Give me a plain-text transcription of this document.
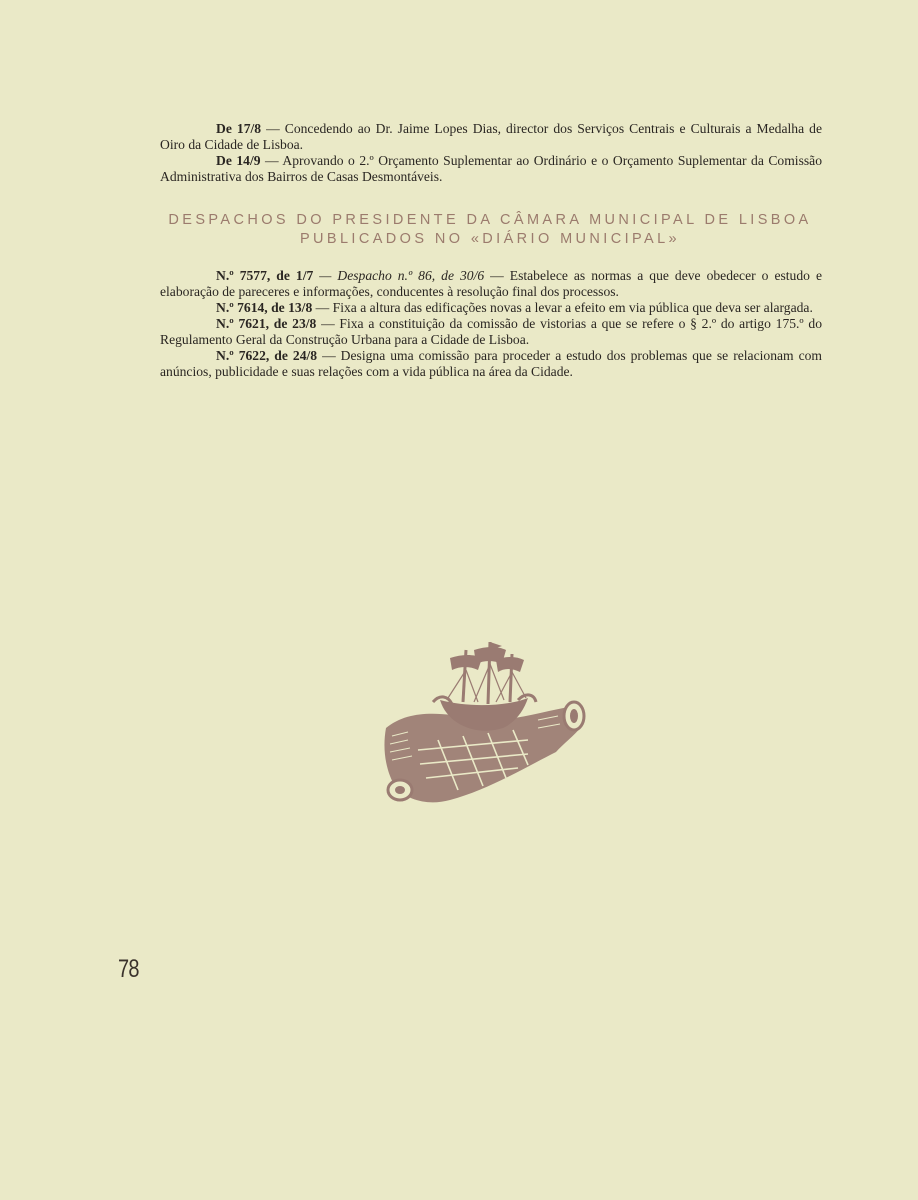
De 17/8 — Concedendo ao Dr. Jaime Lopes Dias, director dos Serviços Centrais e Culturais a Medalha de Oiro da Cidade de Lisboa.

De 14/9 — Aprovando o 2.º Orçamento Suplementar ao Ordinário e o Orçamento Suplementar da Comissão Administrativa dos Bairros de Casas Desmontáveis.

DESPACHOS DO PRESIDENTE DA CÂMARA MUNICIPAL DE LISBOA

PUBLICADOS NO «DIÁRIO MUNICIPAL»

N.º 7577, de 1/7 — Despacho n.º 86, de 30/6 — Estabelece as normas a que deve obedecer o estudo e elaboração de pareceres e informações, conducentes à resolução final dos processos.

N.º 7614, de 13/8 — Fixa a altura das edificações novas a levar a efeito em via pública que deva ser alargada.

N.º 7621, de 23/8 — Fixa a constituição da comissão de vistorias a que se refere o § 2.º do artigo 175.º do Regulamento Geral da Construção Urbana para a Cidade de Lisboa.

N.º 7622, de 24/8 — Designa uma comissão para proceder a estudo dos problemas que se relacionam com anúncios, publicidade e suas relações com a vida pública na área da Cidade.

78
